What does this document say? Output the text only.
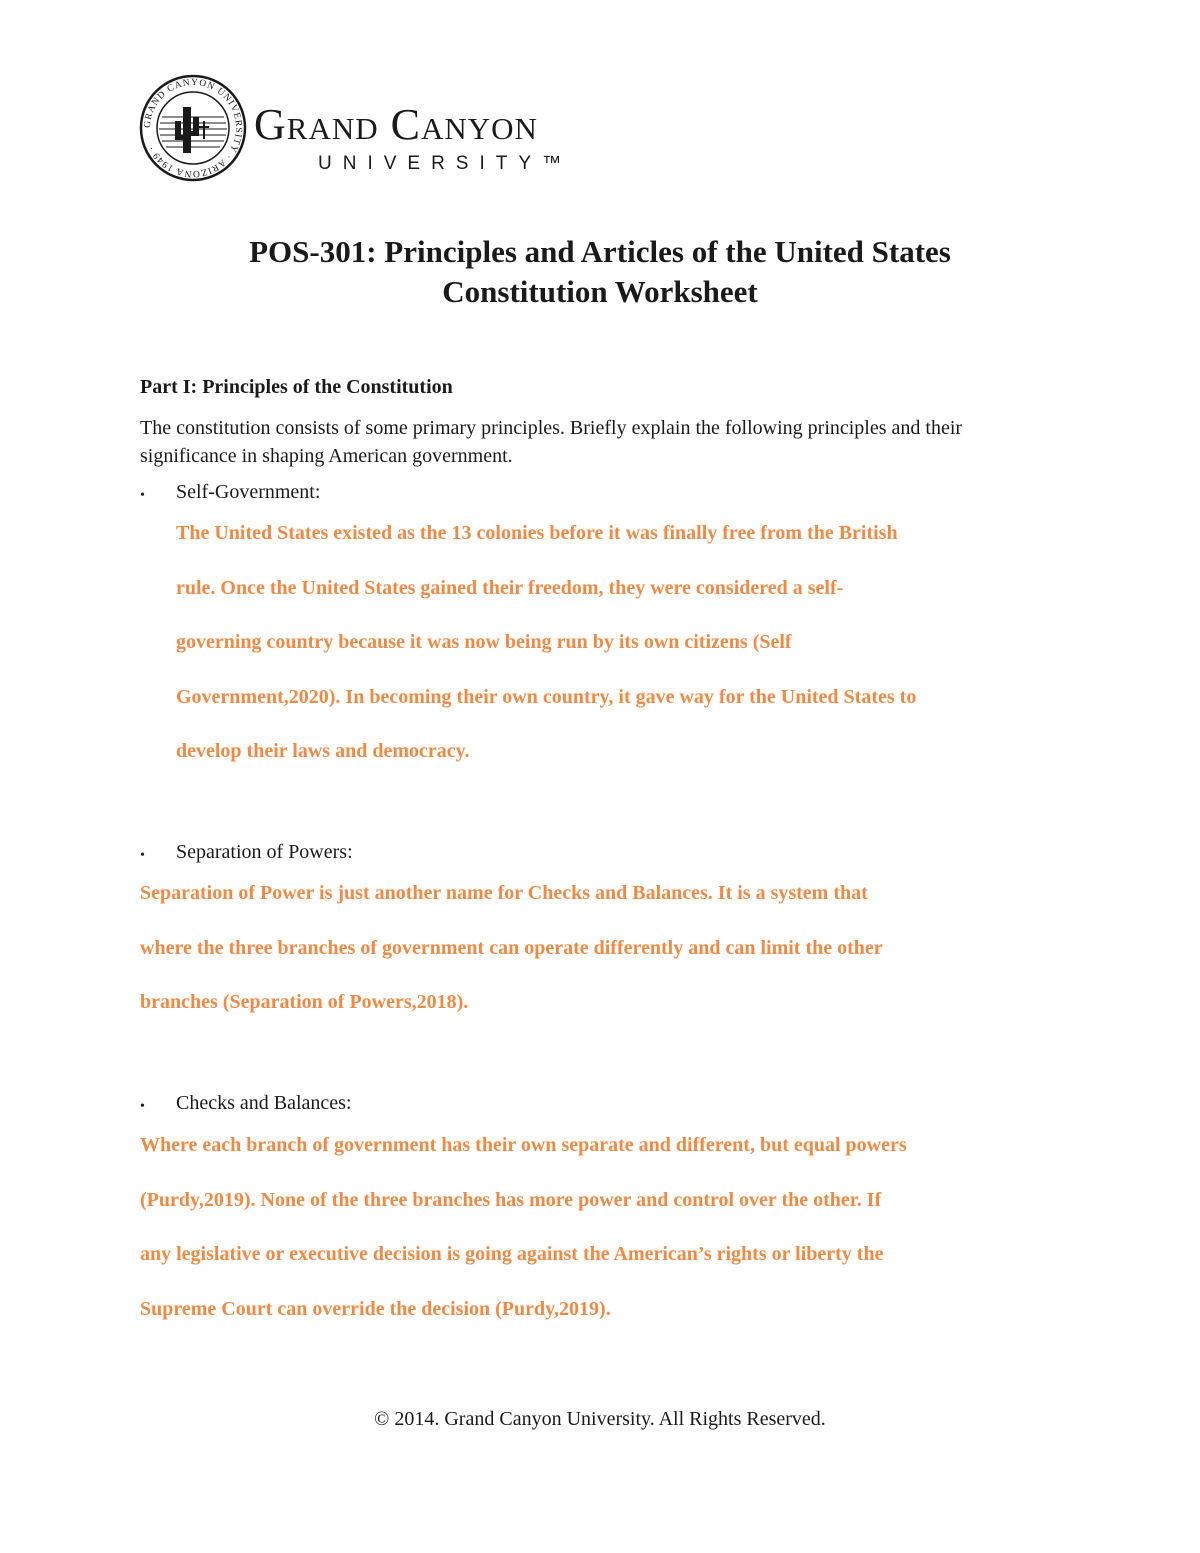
GRAND CANYON UNIVERSITY · ARIZONA 1949 ·	Grand Canyon
UNIVERSITY™
POS-301: Principles and Articles of the United States
Constitution Worksheet

Part I: Principles of the Constitution

The constitution consists of some primary principles. Briefly explain the following principles and their significance in shaping American government.

• Self-Government:

The United States existed as the 13 colonies before it was finally free from the British
rule. Once the United States gained their freedom, they were considered a self-
governing country because it was now being run by its own citizens (Self
Government,2020). In becoming their own country, it gave way for the United States to
develop their laws and democracy.
• Separation of Powers:

Separation of Power is just another name for Checks and Balances. It is a system that
where the three branches of government can operate differently and can limit the other
branches (Separation of Powers,2018).
• Checks and Balances:

Where each branch of government has their own separate and different, but equal powers
(Purdy,2019). None of the three branches has more power and control over the other. If
any legislative or executive decision is going against the American’s rights or liberty the
Supreme Court can override the decision (Purdy,2019).

© 2014. Grand Canyon University. All Rights Reserved.
